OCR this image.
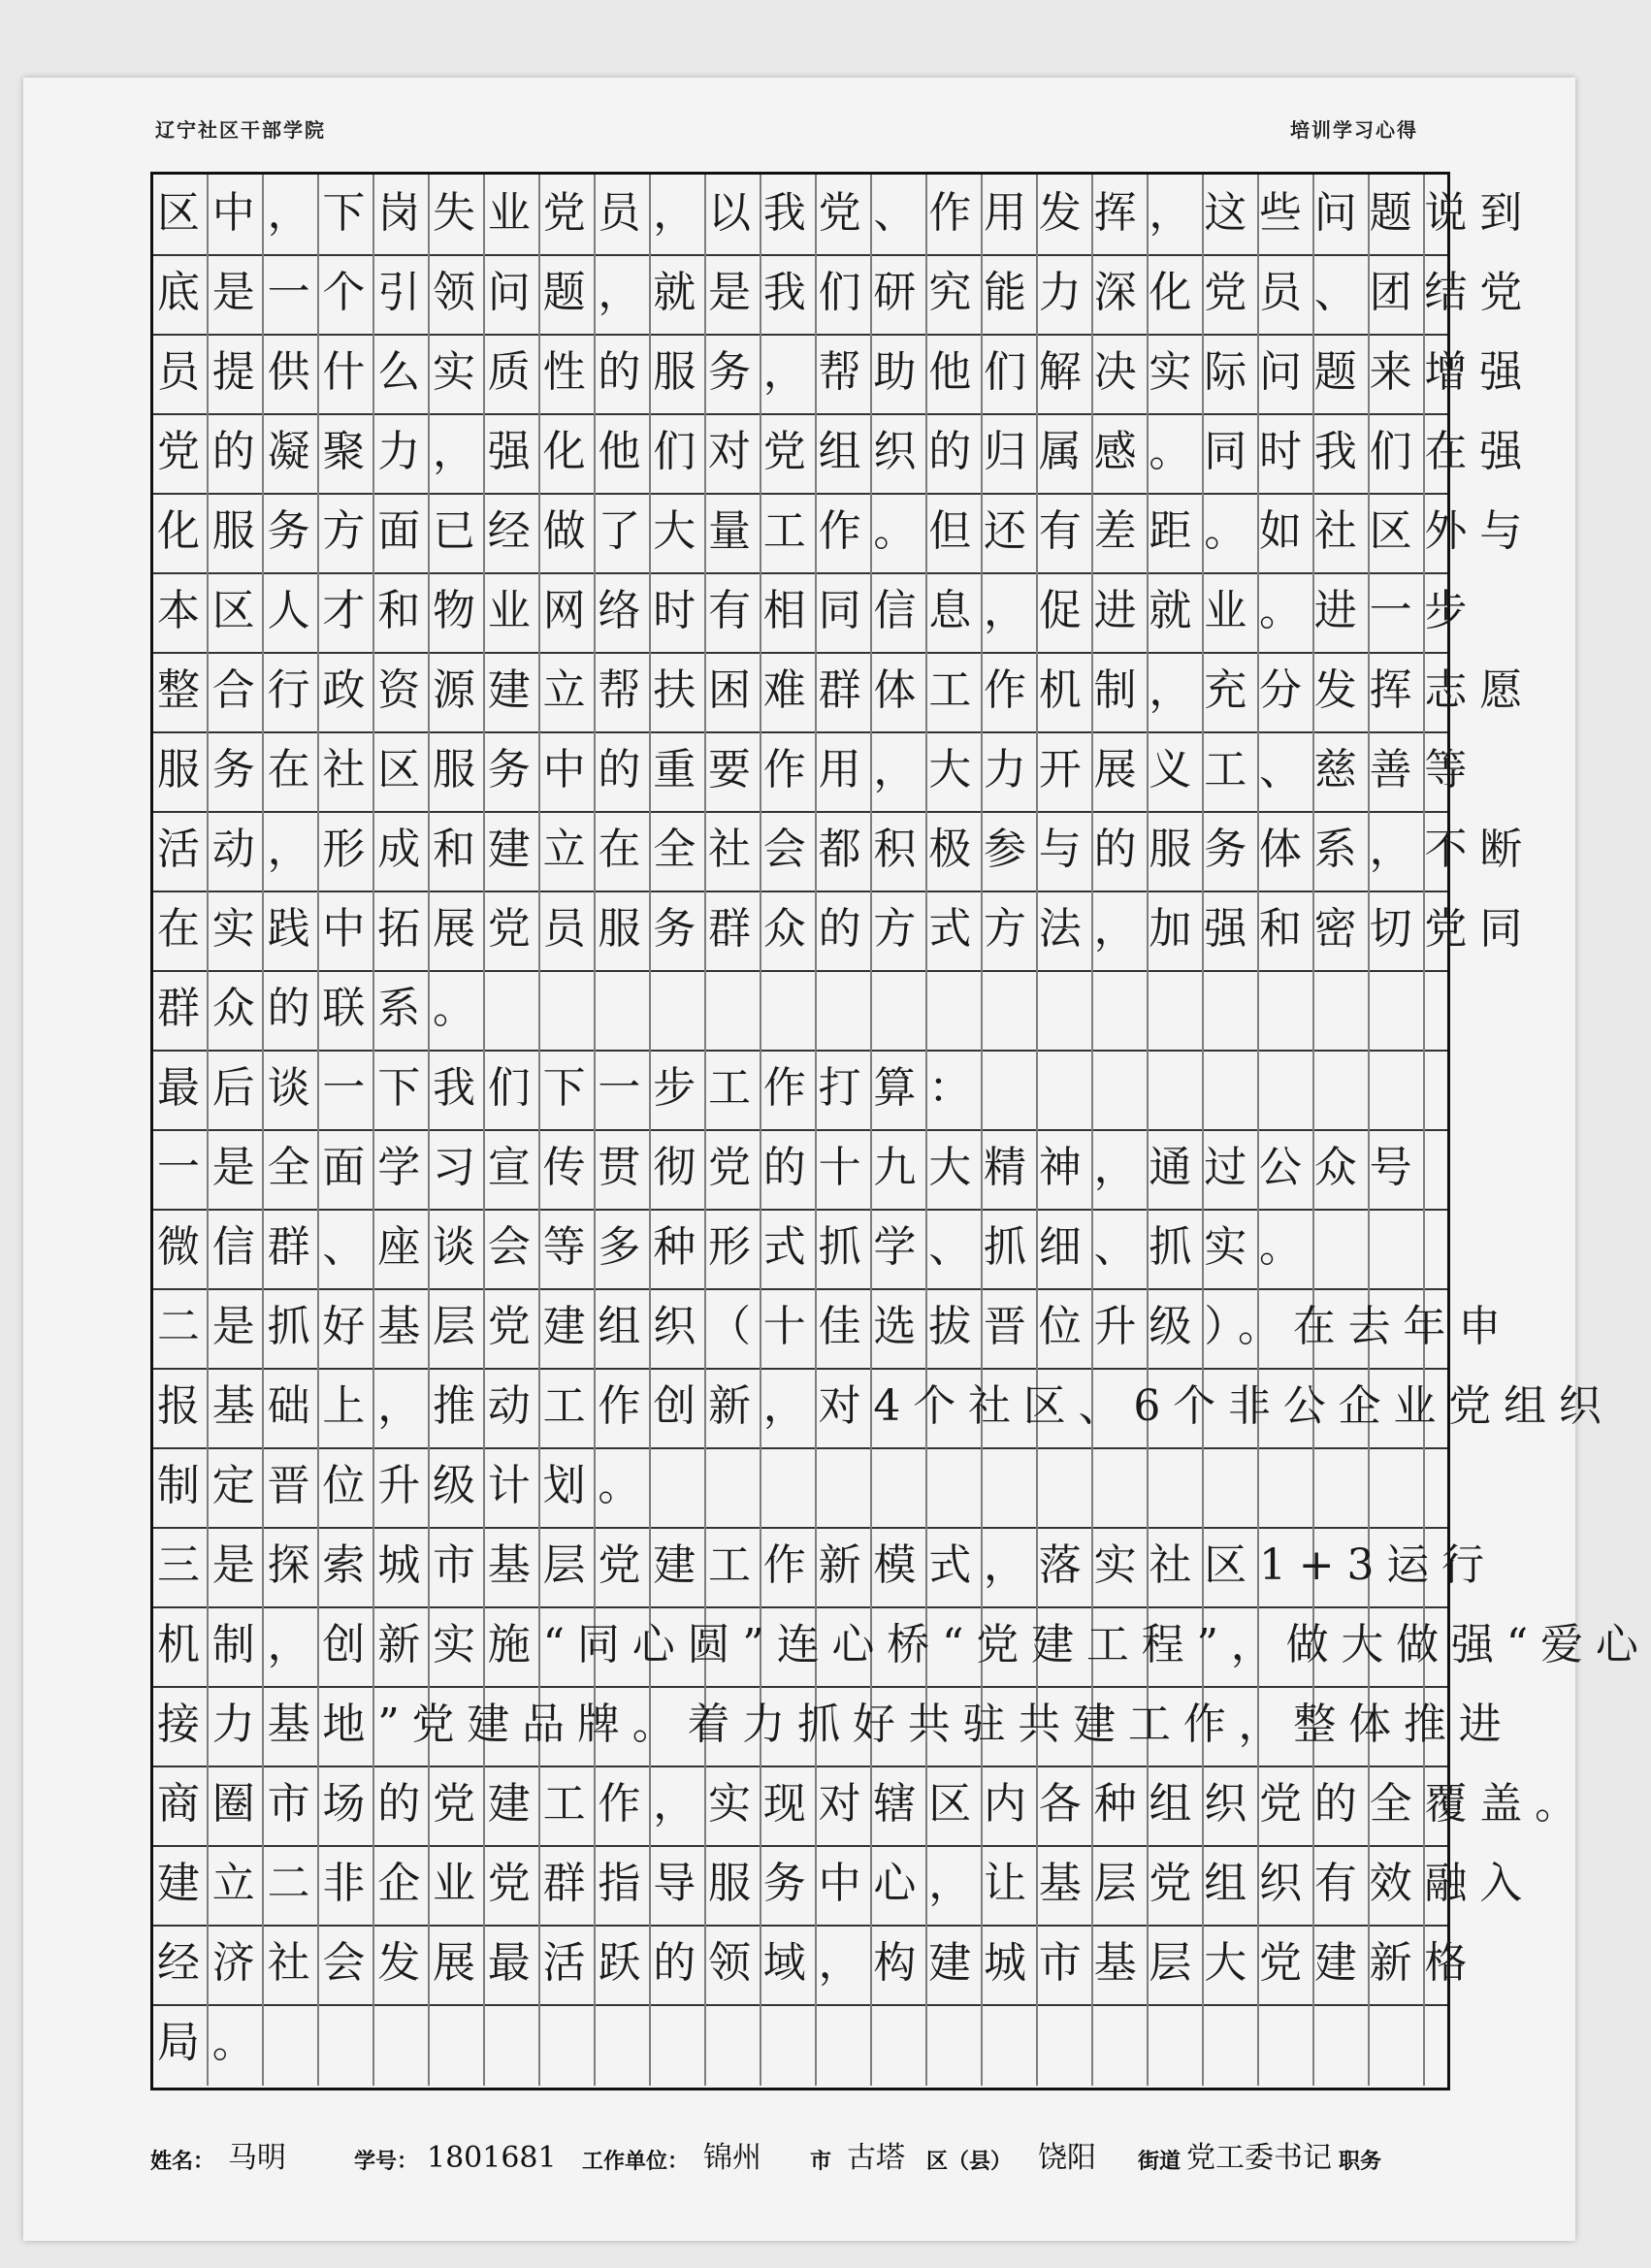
辽宁社区干部学院	培训学习心得
区中，下岗失业党员，以我党、作用发挥，这些问题说到
底是一个引领问题，就是我们研究能力深化党员、团结党
员提供什么实质性的服务，帮助他们解决实际问题来增强
党的凝聚力，强化他们对党组织的归属感。同时我们在强
化服务方面已经做了大量工作。但还有差距。如社区外与
本区人才和物业网络时有相同信息，促进就业。进一步
整合行政资源建立帮扶困难群体工作机制，充分发挥志愿
服务在社区服务中的重要作用，大力开展义工、慈善等
活动，形成和建立在全社会都积极参与的服务体系，不断
在实践中拓展党员服务群众的方式方法，加强和密切党同
群众的联系。
最后谈一下我们下一步工作打算：
一是全面学习宣传贯彻党的十九大精神，通过公众号
微信群、座谈会等多种形式抓学、抓细、抓实。
二是抓好基层党建组织（十佳选拔晋位升级）。在去年申
报基础上，推动工作创新，对4个社区、6个非公企业党组织
制定晋位升级计划。
三是探索城市基层党建工作新模式，落实社区1+3运行
机制，创新实施“同心圆”连心桥“党建工程”，做大做强“爱心
接力基地”党建品牌。着力抓好共驻共建工作，整体推进
商圈市场的党建工作，实现对辖区内各种组织党的全覆盖。
建立二非企业党群指导服务中心，让基层党组织有效融入
经济社会发展最活跃的领域，构建城市基层大党建新格
局。
姓名： 马明	学号： 1801681 工作单位： 锦州 市 古塔 区（县） 饶阳 街道 党工委书记 职务
